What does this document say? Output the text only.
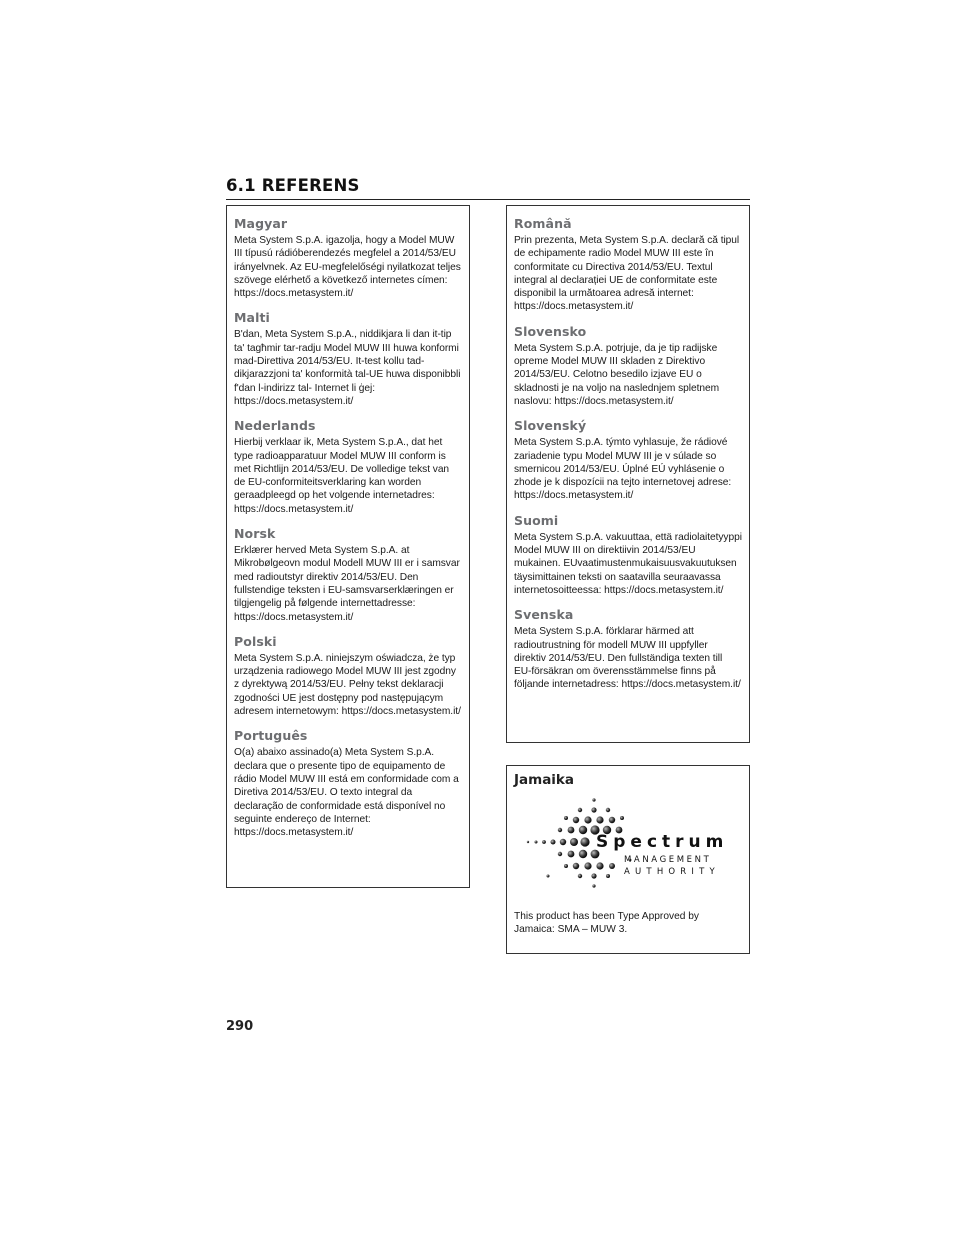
6.1 REFERENS
Magyar

Meta System S.p.A. igazolja, hogy a Model MUW III típusú rádióberendezés megfelel a 2014/53/EU irányelvnek. Az EU-megfelelőségi nyilatkozat teljes szövege elérhető a következő internetes címen: https://docs.metasystem.it/

Malti

B'dan, Meta System S.p.A., niddikjara li dan it-tip ta' tagħmir tar-radju Model MUW III huwa konformi mad-Direttiva 2014/53/EU. It-test kollu tad-dikjarazzjoni ta' konformità tal-UE huwa disponibbli f'dan l-indirizz tal- Internet li ġej: https://docs.metasystem.it/

Nederlands

Hierbij verklaar ik, Meta System S.p.A., dat het type radioapparatuur Model MUW III conform is met Richtlijn 2014/53/EU. De volledige tekst van de EU-conformiteitsverklaring kan worden geraadpleegd op het volgende internetadres: https://docs.metasystem.it/

Norsk

Erklærer herved Meta System S.p.A. at Mikrobølgeovn modul Modell MUW III er i samsvar med radioutstyr direktiv 2014/53/EU. Den fullstendige teksten i EU-samsvarserklæringen er tilgjengelig på følgende internettadresse: https://docs.metasystem.it/

Polski

Meta System S.p.A. niniejszym oświadcza, że typ urządzenia radiowego Model MUW III jest zgodny z dyrektywą 2014/53/EU. Pełny tekst deklaracji zgodności UE jest dostępny pod następującym adresem internetowym: https://docs.metasystem.it/

Português

O(a) abaixo assinado(a) Meta System S.p.A. declara que o presente tipo de equipamento de rádio Model MUW III está em conformidade com a Diretiva 2014/53/EU. O texto integral da declaração de conformidade está disponível no seguinte endereço de Internet: https://docs.metasystem.it/

Română

Prin prezenta, Meta System S.p.A. declară că tipul de echipamente radio Model MUW III este în conformitate cu Directiva 2014/53/EU. Textul integral al declarației UE de conformitate este disponibil la următoarea adresă internet: https://docs.metasystem.it/

Slovensko

Meta System S.p.A. potrjuje, da je tip radijske opreme Model MUW III skladen z Direktivo 2014/53/EU. Celotno besedilo izjave EU o skladnosti je na voljo na naslednjem spletnem naslovu: https://docs.metasystem.it/

Slovenský

Meta System S.p.A. týmto vyhlasuje, že rádiové zariadenie typu Model MUW III je v súlade so smernicou 2014/53/EU. Úplné EÚ vyhlásenie o zhode je k dispozícii na tejto internetovej adrese: https://docs.metasystem.it/

Suomi

Meta System S.p.A. vakuuttaa, että radiolaitetyyppi Model MUW III on direktiivin 2014/53/EU mukainen. EUvaatimustenmukaisuusvakuutuksen täysimittainen teksti on saatavilla seuraavassa internetosoitteessa: https://docs.metasystem.it/

Svenska

Meta System S.p.A. förklarar härmed att radioutrustning för modell MUW III uppfyller direktiv 2014/53/EU. Den fullständiga texten till EU-försäkran om överensstämmelse finns på följande internetadress: https://docs.metasystem.it/

Jamaika
Spectrum
MANAGEMENT
AUTHORITY

This product has been Type Approved by Jamaica: SMA – MUW 3.

290
